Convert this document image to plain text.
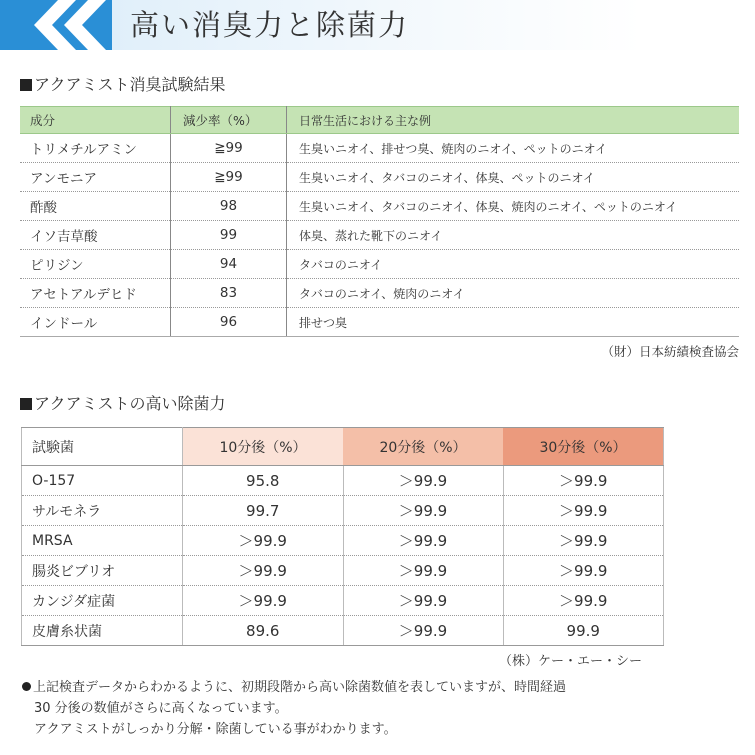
高い消臭力と除菌力
アクアミスト消臭試験結果
成分	減少率（%）	日常生活における主な例
トリメチルアミン	≧99	生臭いニオイ、排せつ臭、焼肉のニオイ、ペットのニオイ
アンモニア	≧99	生臭いニオイ、タバコのニオイ、体臭、ペットのニオイ
酢酸	98	生臭いニオイ、タバコのニオイ、体臭、焼肉のニオイ、ペットのニオイ
イソ吉草酸	99	体臭、蒸れた靴下のニオイ
ピリジン	94	タバコのニオイ
アセトアルデヒド	83	タバコのニオイ、焼肉のニオイ
インドール	96	排せつ臭
（財）日本紡績検査協会
アクアミストの高い除菌力
試験菌	10分後（%）	20分後（%）	30分後（%）
O-157	95.8	＞99.9	＞99.9
サルモネラ	99.7	＞99.9	＞99.9
MRSA	＞99.9	＞99.9	＞99.9
腸炎ビブリオ	＞99.9	＞99.9	＞99.9
カンジダ症菌	＞99.9	＞99.9	＞99.9
皮膚糸状菌	89.6	＞99.9	99.9
（株）ケー・エー・シー
上記検査データからわかるように、初期段階から高い除菌数値を表していますが、時間経過
30 分後の数値がさらに高くなっています。
アクアミストがしっかり分解・除菌している事がわかります。
